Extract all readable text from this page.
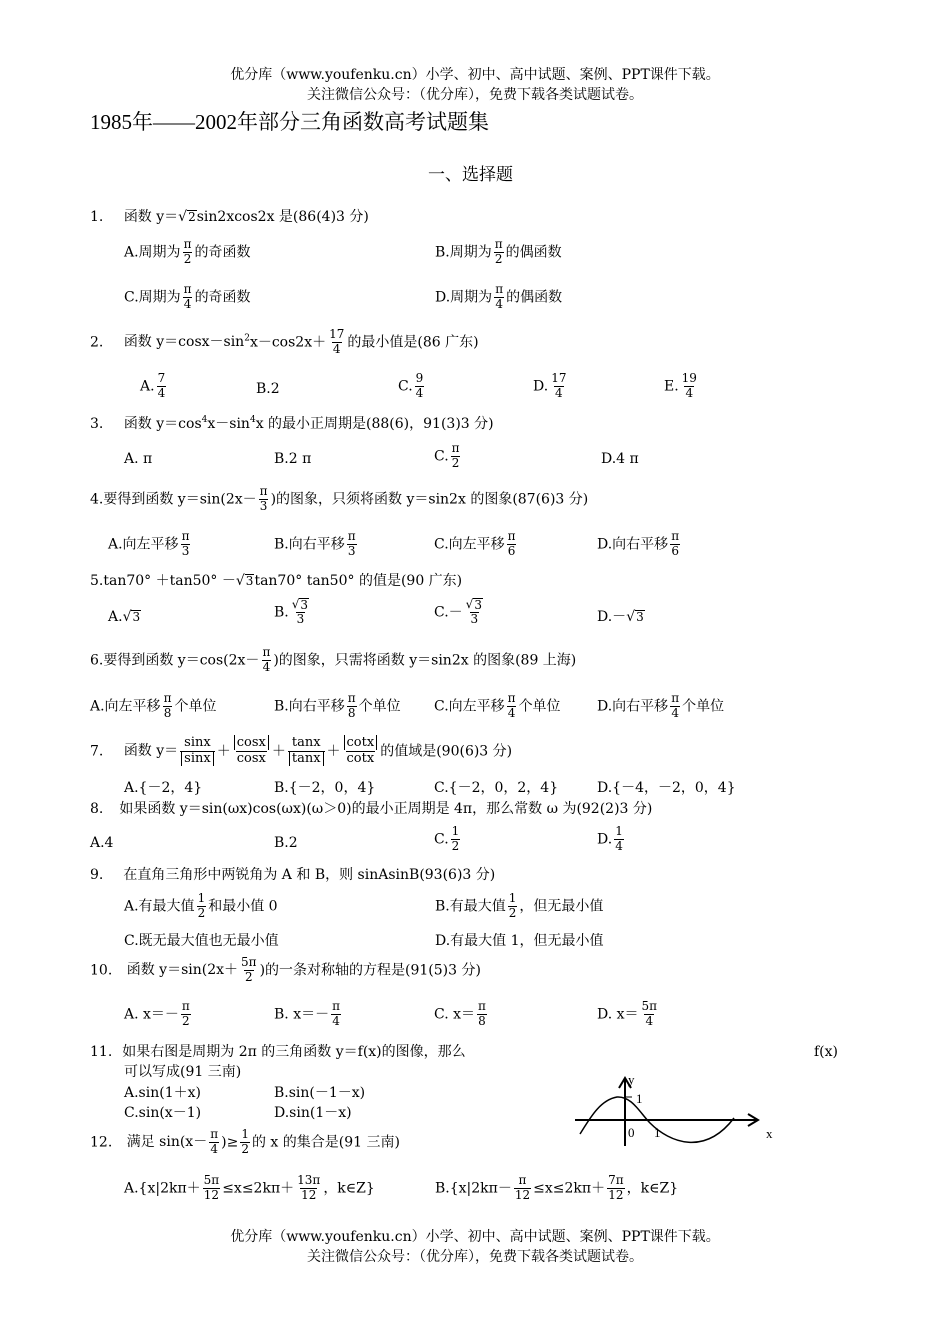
优分库（www.youfenku.cn）小学、初中、高中试题、案例、PPT课件下载。
关注微信公众号：（优分库），免费下载各类试题试卷。
1985年——2002年部分三角函数高考试题集
一、选择题
1. 函数 y＝ √ 2 sin2xcos2x 是(86(4)3 分)
A.周期为 $\frac{\pi}{2}$ 的奇函数	B.周期为 $\frac{\pi}{2}$ 的偶函数
C.周期为 $\frac{\pi}{4}$ 的奇函数	D.周期为 $\frac{\pi}{4}$ 的偶函数
2. 函数 $y=\cos x-\sin^2x-\cos 2x+ \frac{17}{4}$ 的最小值是(86 广东)
A. $\frac{7}{4}$	B.2	C. $\frac{9}{4}$	D. $\frac{17}{4}$	E. $\frac{19}{4}$
3. 函数 $y=\cos^4x-\sin^4x$ 的最小正周期是(88(6)，91(3)3 分)
A. π	B.2 π	C. $\frac{\pi}{2}$	D.4 π
4.要得到函数 $y=\sin(2x- \frac{\pi}{3}$ )的图象，只须将函数 y＝sin2x 的图象(87(6)3 分)
A.向左平移 $\frac{\pi}{3}$	B.向右平移 $\frac{\pi}{3}$	C.向左平移 $\frac{\pi}{6}$	D.向右平移 $\frac{\pi}{6}$
5.tan70° ＋tan50° － √ 3 tan70° tan50° 的值是(90 广东)
A. √ 3	B. $\frac{√ 3}{3}$	$C.- \frac{√ 3}{3}$	D.－ √ 3
6.要得到函数 $y=\cos(2x- \frac{\pi}{4}$ )的图象，只需将函数 y＝sin2x 的图象(89 上海)
A.向左平移 $\frac{\pi}{8}$ 个单位	B.向右平移 $\frac{\pi}{8}$ 个单位 C.向左平移 $\frac{\pi}{4}$ 个单位	D.向右平移 $\frac{\pi}{4}$ 个单位
7. 函数 $y= \frac{\sin x}{\sin x} + \frac{\cos x}{\cos x} + \frac{\tan x}{\tan x} + \frac{\cot x}{\cot x}$ 的值域是(90(6)3 分)
A.{－2，4}	B.{－2，0，4}	C.{－2，0，2，4}	D.{－4，－2，0，4}
8. 如果函数 y＝sin(ωx)cos(ωx)(ω＞0)的最小正周期是 4π，那么常数 ω 为(92(2)3 分)
A.4	B.2	C. $\frac{1}{2}$	D. $\frac{1}{4}$
9. 在直角三角形中两锐角为 A 和 B，则 sinAsinB(93(6)3 分)
A.有最大值 $\frac{1}{2}$ 和最小值 0	B.有最大值 $\frac{1}{2}$ ，但无最小值
C.既无最大值也无最小值	D.有最大值 1，但无最小值
10. 函数 $y=\sin(2x+ \frac{5\pi}{2}$ )的一条对称轴的方程是(91(5)3 分)
A. $x=- \frac{\pi}{2}$	B. $x=- \frac{\pi}{4}$	C. $x= \frac{\pi}{8}$	D. $x= \frac{5\pi}{4}$
11. 如果右图是周期为 2π 的三角函数 y＝f(x)的图像，那么	f(x)
可以写成(91 三南)
A.sin(1＋x)	B.sin(－1－x)
C.sin(x－1)	D.sin(1－x)
y
1
0 1	x
12. 满足 $\sin(x- \frac{\pi}{4}$ )≥ $\frac{1}{2}$ 的 x 的集合是(91 三南)
$A.\{x|2k\pi+ \frac{5\pi}{12} \le x\le 2k\pi+ \frac{13\pi}{12}$ ，k∈Z}	$B.\{x|2k\pi- \frac{\pi}{12} \le x\le 2k\pi+ \frac{7\pi}{12}$ ，k∈Z}
优分库（www.youfenku.cn）小学、初中、高中试题、案例、PPT课件下载。
关注微信公众号：（优分库），免费下载各类试题试卷。
